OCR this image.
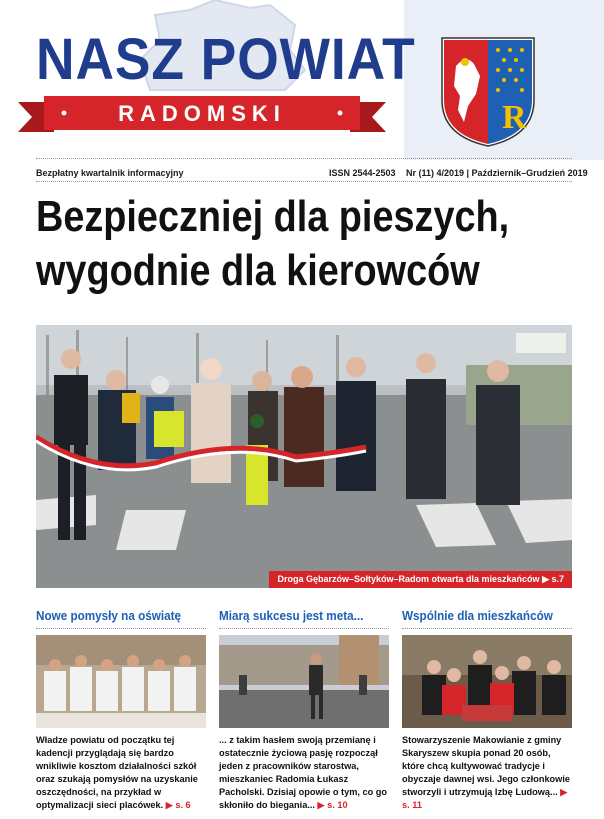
NASZ POWIAT
RADOMSKI	R
Bezpłatny kwartalnik informacyjny	ISSN 2544-2503 Nr (11) 4/2019 | Październik–Grudzień 2019
Bezpieczniej dla pieszych,
wygodnie dla kierowców
Droga Gębarzów–Sołtyków–Radom otwarta dla mieszkańców ▶ s.7
Nowe pomysły na oświatę
Władze powiatu od początku tej kadencji przyglądają się bardzo wnikliwie kosztom działalności szkół oraz szukają pomysłów na uzyskanie oszczędności, na przykład w optymalizacji sieci placówek. ▶ s. 6
Miarą sukcesu jest meta...
... z takim hasłem swoją przemianę i ostatecznie życiową pasję rozpoczął jeden z pracowników starostwa, mieszkaniec Radomia Łukasz Pacholski. Dzisiaj opowie o tym, co go skłoniło do biegania... ▶ s. 10
Wspólnie dla mieszkańców
Stowarzyszenie Makowianie z gminy Skaryszew skupia ponad 20 osób, które chcą kultywować tradycje i obyczaje dawnej wsi. Jego członkowie stworzyli i utrzymują Izbę Ludową... ▶ s. 11
